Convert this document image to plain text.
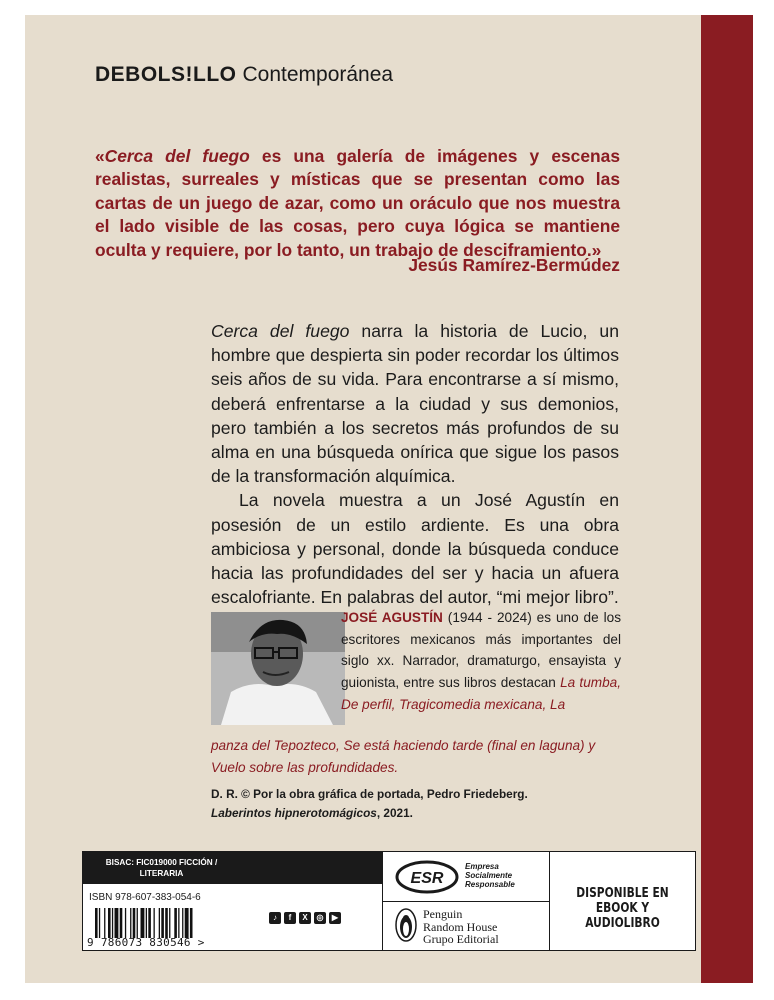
DEBOLS!LLO Contemporánea
«Cerca del fuego es una galería de imágenes y escenas realistas, surreales y místicas que se presentan como las cartas de un juego de azar, como un oráculo que nos muestra el lado visible de las cosas, pero cuya lógica se mantiene oculta y requiere, por lo tanto, un trabajo de desciframiento.»
Jesús Ramírez-Bermúdez

Cerca del fuego narra la historia de Lucio, un hombre que despierta sin poder recordar los últimos seis años de su vida. Para encontrarse a sí mismo, deberá enfrentarse a la ciudad y sus demonios, pero también a los secretos más profundos de su alma en una búsqueda onírica que sigue los pasos de la transformación alquímica.

La novela muestra a un José Agustín en posesión de un estilo ardiente. Es una obra ambiciosa y personal, donde la búsqueda conduce hacia las profundidades del ser y hacia un afuera escalofriante. En palabras del autor, “mi mejor libro”.

JOSÉ AGUSTÍN (1944 - 2024) es uno de los escritores mexicanos más importantes del siglo xx. Narrador, dramaturgo, ensayista y guionista, entre sus libros destacan La tumba, De perfil, Tragicomedia mexicana, La
panza del Tepozteco, Se está haciendo tarde (final en laguna) y Vuelo sobre las profundidades.
D. R. © Por la obra gráfica de portada, Pedro Friedeberg.
Laberintos hipnerotomágicos, 2021.
BISAC: FIC019000 FICCIÓN / LITERARIA
ISBN 978-607-383-054-6
9 786073 830546 >
♪	f	X	◎	▶
ESR
Empresa
Socialmente
Responsable
Penguin
Random House
Grupo Editorial
DISPONIBLE EN EBOOK Y AUDIOLIBRO
